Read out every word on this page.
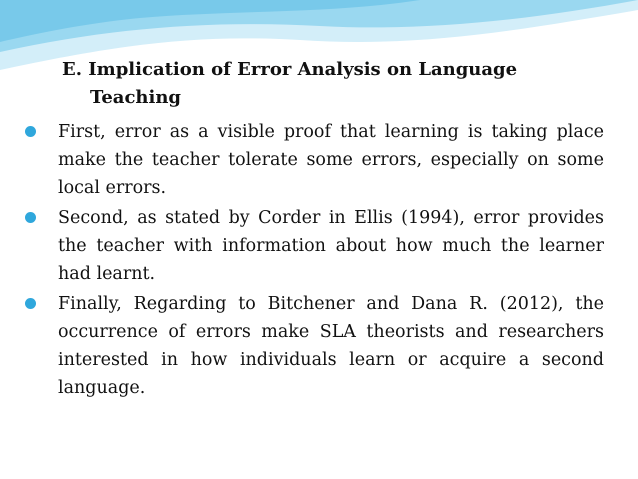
E. Implication of Error Analysis on Language
Teaching
First, error as a visible proof that learning is taking place make the teacher tolerate some errors, especially on some local errors.
Second, as stated by Corder in Ellis (1994), error provides the teacher with information about how much the learner had learnt.
Finally, Regarding to Bitchener and Dana R. (2012), the occurrence of errors make SLA theorists and researchers interested in how individuals learn or acquire a second language.
